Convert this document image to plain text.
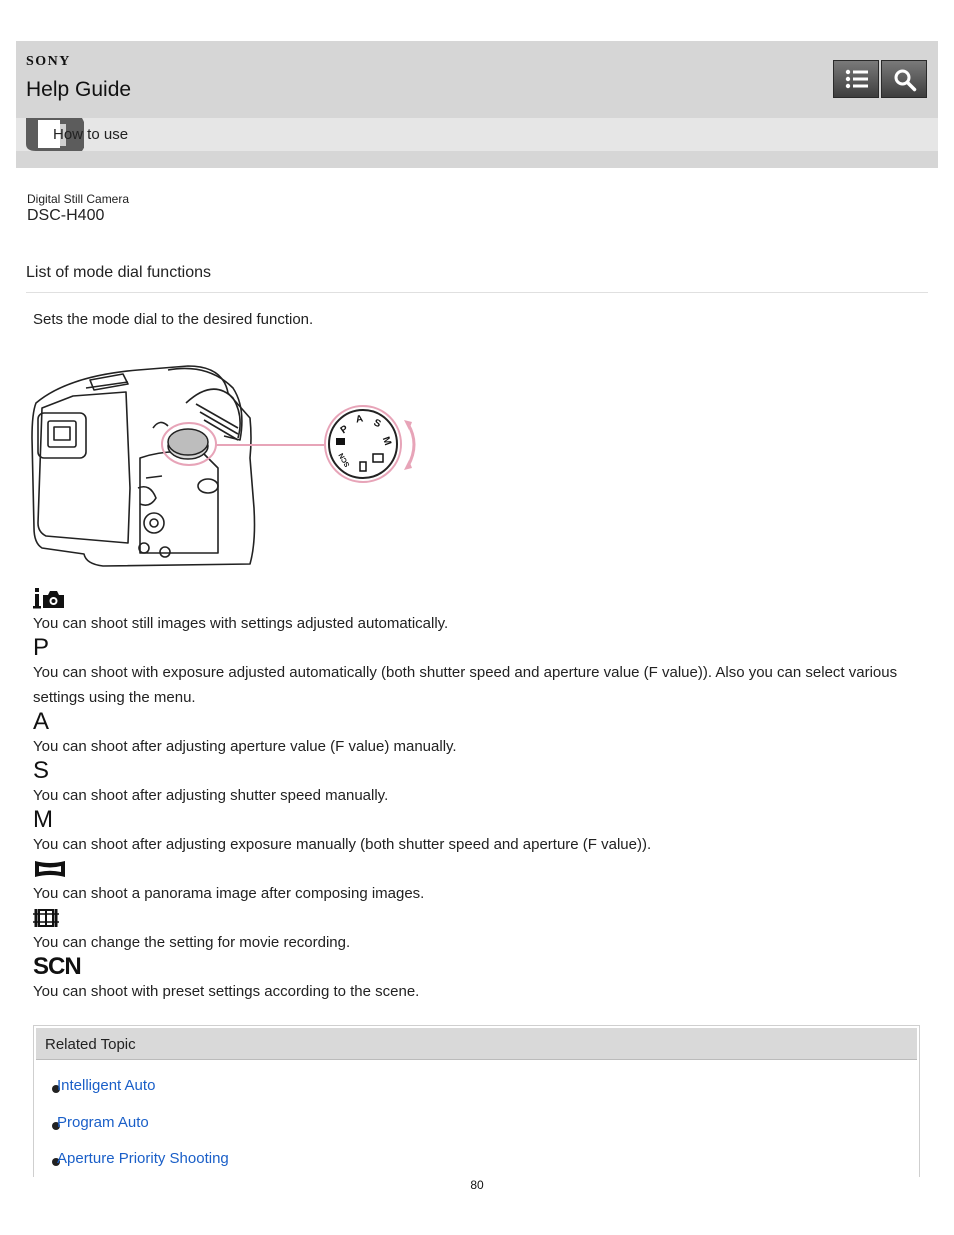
SONY
Help Guide
How to use
Digital Still Camera
DSC-H400
List of mode dial functions
Sets the mode dial to the desired function.
P
A S
M
SCN
You can shoot still images with settings adjusted automatically.
P
You can shoot with exposure adjusted automatically (both shutter speed and aperture value (F value)). Also you can select various settings using the menu.
A
You can shoot after adjusting aperture value (F value) manually.
S
You can shoot after adjusting shutter speed manually.
M
You can shoot after adjusting exposure manually (both shutter speed and aperture (F value)).
You can shoot a panorama image after composing images.
You can change the setting for movie recording.
SCN
You can shoot with preset settings according to the scene.
Related Topic
Intelligent Auto
Program Auto
Aperture Priority Shooting
80
